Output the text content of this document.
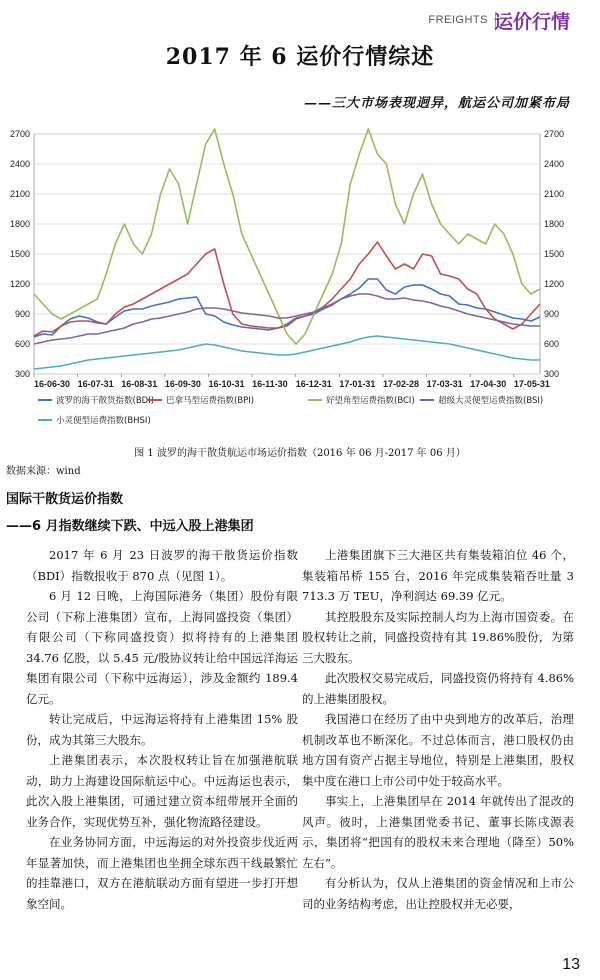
FREIGHTS 运价行情
2017 年 6 运价行情综述
——三大市场表现迥异，航运公司加紧布局
2700	2700
2400	2400
2100	2100
1800	1800
1500	1500
1200	1200
900	900
600	600
300	300
16-06-30 16-07-31 16-08-31 16-09-30 16-10-31 16-11-30 16-12-31 17-01-31 17-02-28 17-03-31 17-04-30 17-05-31
波罗的海干散货指数(BDI) 巴拿马型运费指数(BPI)	好望角型运费指数(BCI)	超级大灵便型运费指数(BSI)
小灵便型运费指数(BHSI)
图 1 波罗的海干散货航运市场运价指数（2016 年 06 月-2017 年 06 月）
数据来源：wind
国际干散货运价指数
——6 月指数继续下跌、中远入股上港集团

2017 年 6 月 23 日波罗的海干散货运价指数（BDI）指数报收于 870 点（见图 1）。

6 月 12 日晚，上海国际港务（集团）股份有限公司（下称上港集团）宣布，上海同盛投资（集团）有限公司（下称同盛投资）拟将持有的上港集团 34.76 亿股，以 5.45 元/股协议转让给中国远洋海运集团有限公司（下称中远海运），涉及金额约 189.4 亿元。

转让完成后，中远海运将持有上港集团 15% 股份，成为其第三大股东。

上港集团表示，本次股权转让旨在加强港航联动，助力上海建设国际航运中心。中远海运也表示，此次入股上港集团，可通过建立资本纽带展开全面的业务合作，实现优势互补，强化物流路径建设。

在业务协同方面，中远海运的对外投资步伐近两年显著加快，而上港集团也坐拥全球东西干线最繁忙的挂靠港口，双方在港航联动方面有望进一步打开想象空间。

上港集团旗下三大港区共有集装箱泊位 46 个，集装箱吊桥 155 台，2016 年完成集装箱吞吐量 3 713.3 万 TEU，净利润达 69.39 亿元。

其控股股东及实际控制人均为上海市国资委。在股权转让之前，同盛投资持有其 19.86%股份，为第三大股东。

此次股权交易完成后，同盛投资仍将持有 4.86%的上港集团股权。

我国港口在经历了由中央到地方的改革后，治理机制改革也不断深化。不过总体而言，港口股权仍由地方国有资产占据主导地位，特别是上港集团，股权集中度在港口上市公司中处于较高水平。

事实上，上港集团早在 2014 年就传出了混改的风声。彼时，上港集团党委书记、董事长陈戌源表示，集团将“把国有的股权未来合理地（降至）50%左右”。

有分析认为，仅从上港集团的资金情况和上市公司的业务结构考虑，出让控股权并无必要，

13
